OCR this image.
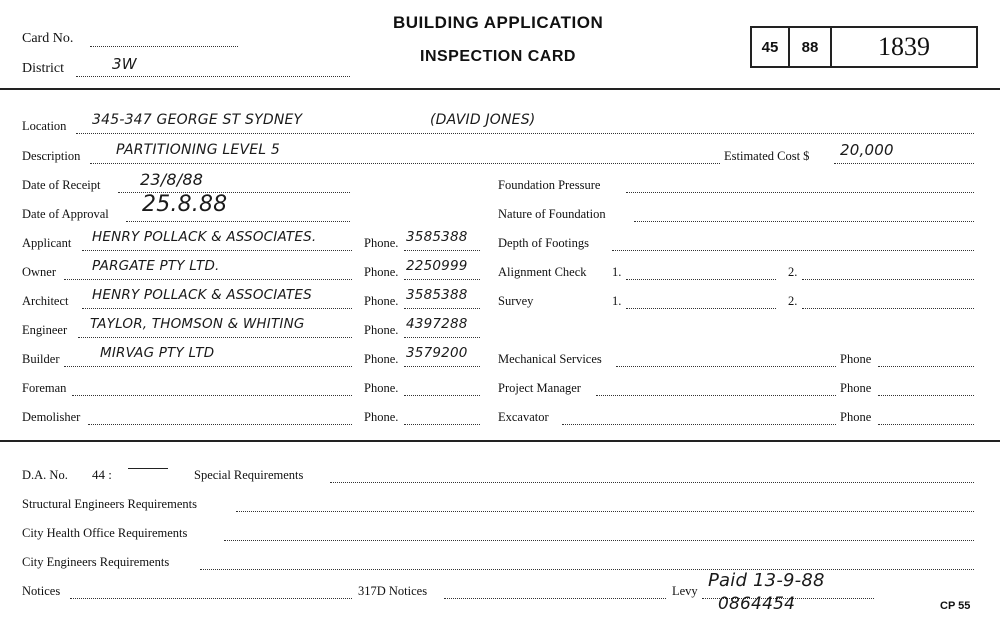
Card No.
District	3W
BUILDING APPLICATION
INSPECTION CARD
45	88	1839
Location 345-347 GEORGE ST SYDNEY	(DAVID JONES)
Description	PARTITIONING LEVEL 5	Estimated Cost $ 20,000
Date of Receipt 23/8/88
Date of Approval 25.8.88
Applicant HENRY POLLACK & ASSOCIATES.	Phone. 3585388
Owner	PARGATE PTY LTD.	Phone. 2250999
Architect HENRY POLLACK & ASSOCIATES	Phone. 3585388
Engineer TAYLOR, THOMSON & WHITING	Phone. 4397288
Builder	MIRVAG PTY LTD	Phone. 3579200
Foreman	Phone.
Demolisher	Phone.
Foundation Pressure
Nature of Foundation
Depth of Footings
Alignment Check 1.	2.
Survey	1.	2.
Mechanical Services	Phone
Project Manager	Phone
Excavator	Phone
D.A. No. 44 :	Special Requirements
Structural Engineers Requirements
City Health Office Requirements
City Engineers Requirements
Notices	317D Notices	Levy Paid 13-9-88
0864454	CP 55
